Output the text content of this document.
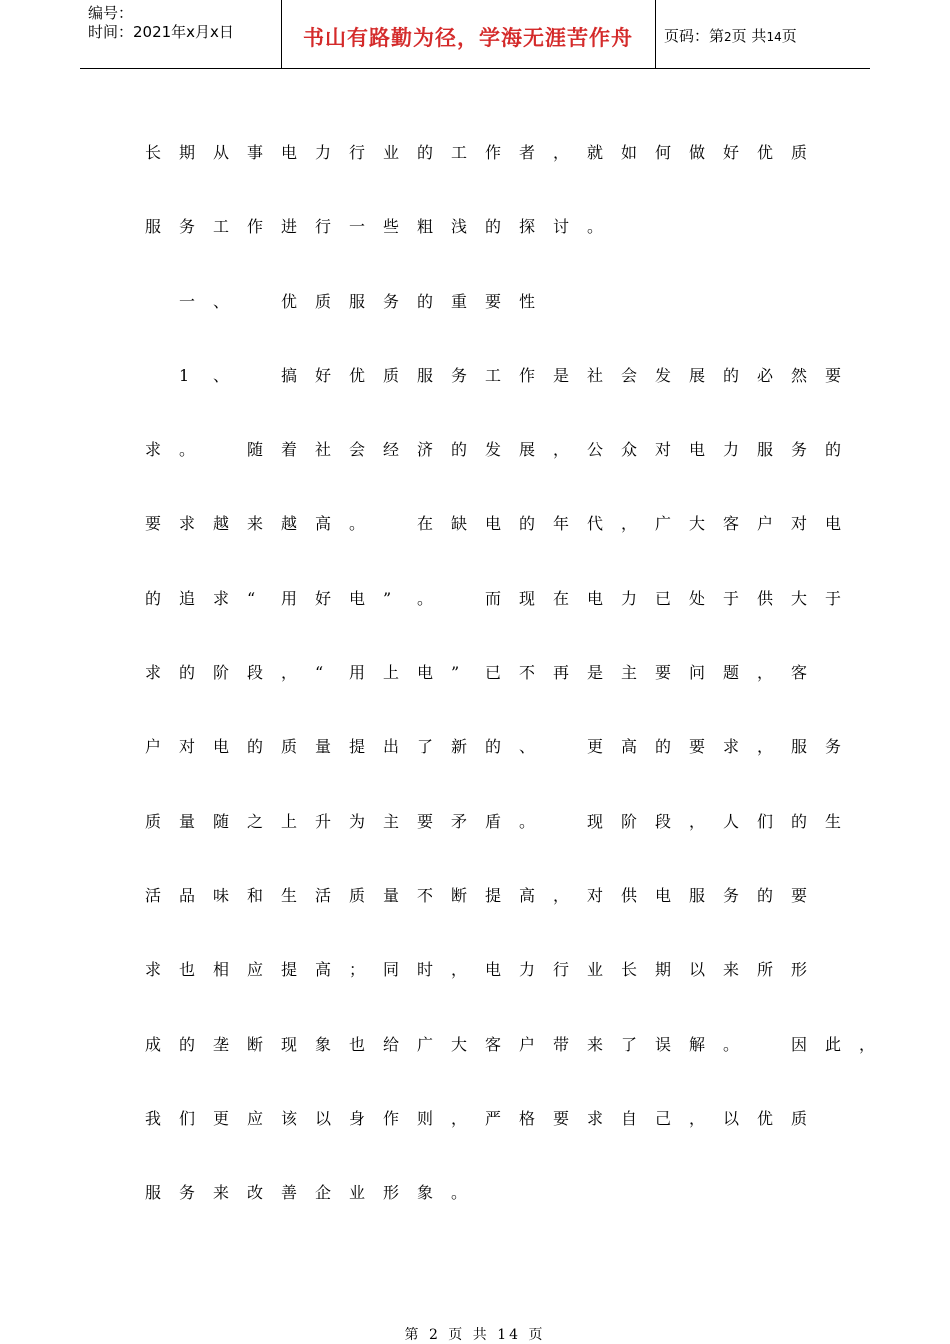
编号：
时间：2021年x月x日	书山有路勤为径，学海无涯苦作舟	页码：第2页 共14页
长 期 从 事 电 力 行 业 的 工 作 者 ， 就 如 何 做 好 优 质
服 务 工 作 进 行 一 些 粗 浅 的 探 讨 。
一 、	优 质 服 务 的 重 要 性
1 、	搞 好 优 质 服 务 工 作 是 社 会 发 展 的 必 然 要
求 。	随 着 社 会 经 济 的 发 展 ， 公 众 对 电 力 服 务 的
要 求 越 来 越 高 。	在 缺 电 的 年 代 ， 广 大 客 户 对 电
的 追 求 “ 用 好 电 ” 。	而 现 在 电 力 已 处 于 供 大 于
求 的 阶 段 ， “ 用 上 电 ” 已 不 再 是 主 要 问 题 ， 客
户 对 电 的 质 量 提 出 了 新 的 、	更 高 的 要 求 ， 服 务
质 量 随 之 上 升 为 主 要 矛 盾 。	现 阶 段 ， 人 们 的 生
活 品 味 和 生 活 质 量 不 断 提 高 ， 对 供 电 服 务 的 要
求 也 相 应 提 高 ； 同 时 ， 电 力 行 业 长 期 以 来 所 形
成 的 垄 断 现 象 也 给 广 大 客 户 带 来 了 误 解 。	因 此 ，
我 们 更 应 该 以 身 作 则 ， 严 格 要 求 自 己 ， 以 优 质
服 务 来 改 善 企 业 形 象 。
第 2 页 共 14 页
